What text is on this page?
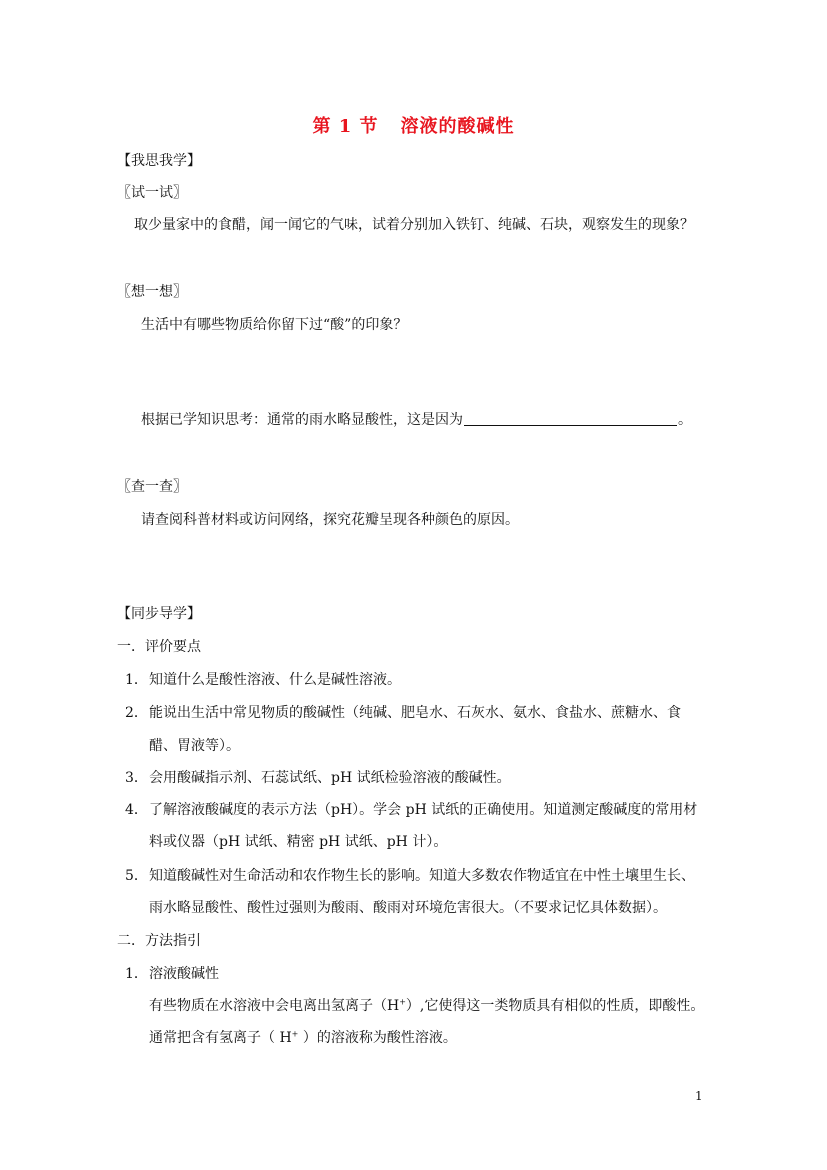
第 1 节 溶液的酸碱性
【我思我学】
〖试一试〗
取少量家中的食醋，闻一闻它的气味，试着分别加入铁钉、纯碱、石块，观察发生的现象？
〖想一想〗
生活中有哪些物质给你留下过“酸”的印象？
根据已学知识思考：通常的雨水略显酸性，这是因为	。
〖查一查〗
请查阅科普材料或访问网络，探究花瓣呈现各种颜色的原因。
【同步导学】
一．评价要点
1． 知道什么是酸性溶液、什么是碱性溶液。
2． 能说出生活中常见物质的酸碱性（纯碱、肥皂水、石灰水、氨水、食盐水、蔗糖水、食
醋、胃液等）。
3． 会用酸碱指示剂、石蕊试纸、pH 试纸检验溶液的酸碱性。
4． 了解溶液酸碱度的表示方法（pH）。学会 pH 试纸的正确使用。知道测定酸碱度的常用材
料或仪器（pH 试纸、精密 pH 试纸、pH 计）。
5． 知道酸碱性对生命活动和农作物生长的影响。知道大多数农作物适宜在中性土壤里生长、
雨水略显酸性、酸性过强则为酸雨、酸雨对环境危害很大。（不要求记忆具体数据）。
二．方法指引
1． 溶液酸碱性
有些物质在水溶液中会电离出氢离子（H+）,它使得这一类物质具有相似的性质，即酸性。
通常把含有氢离子（ H+ ）的溶液称为酸性溶液。
1
